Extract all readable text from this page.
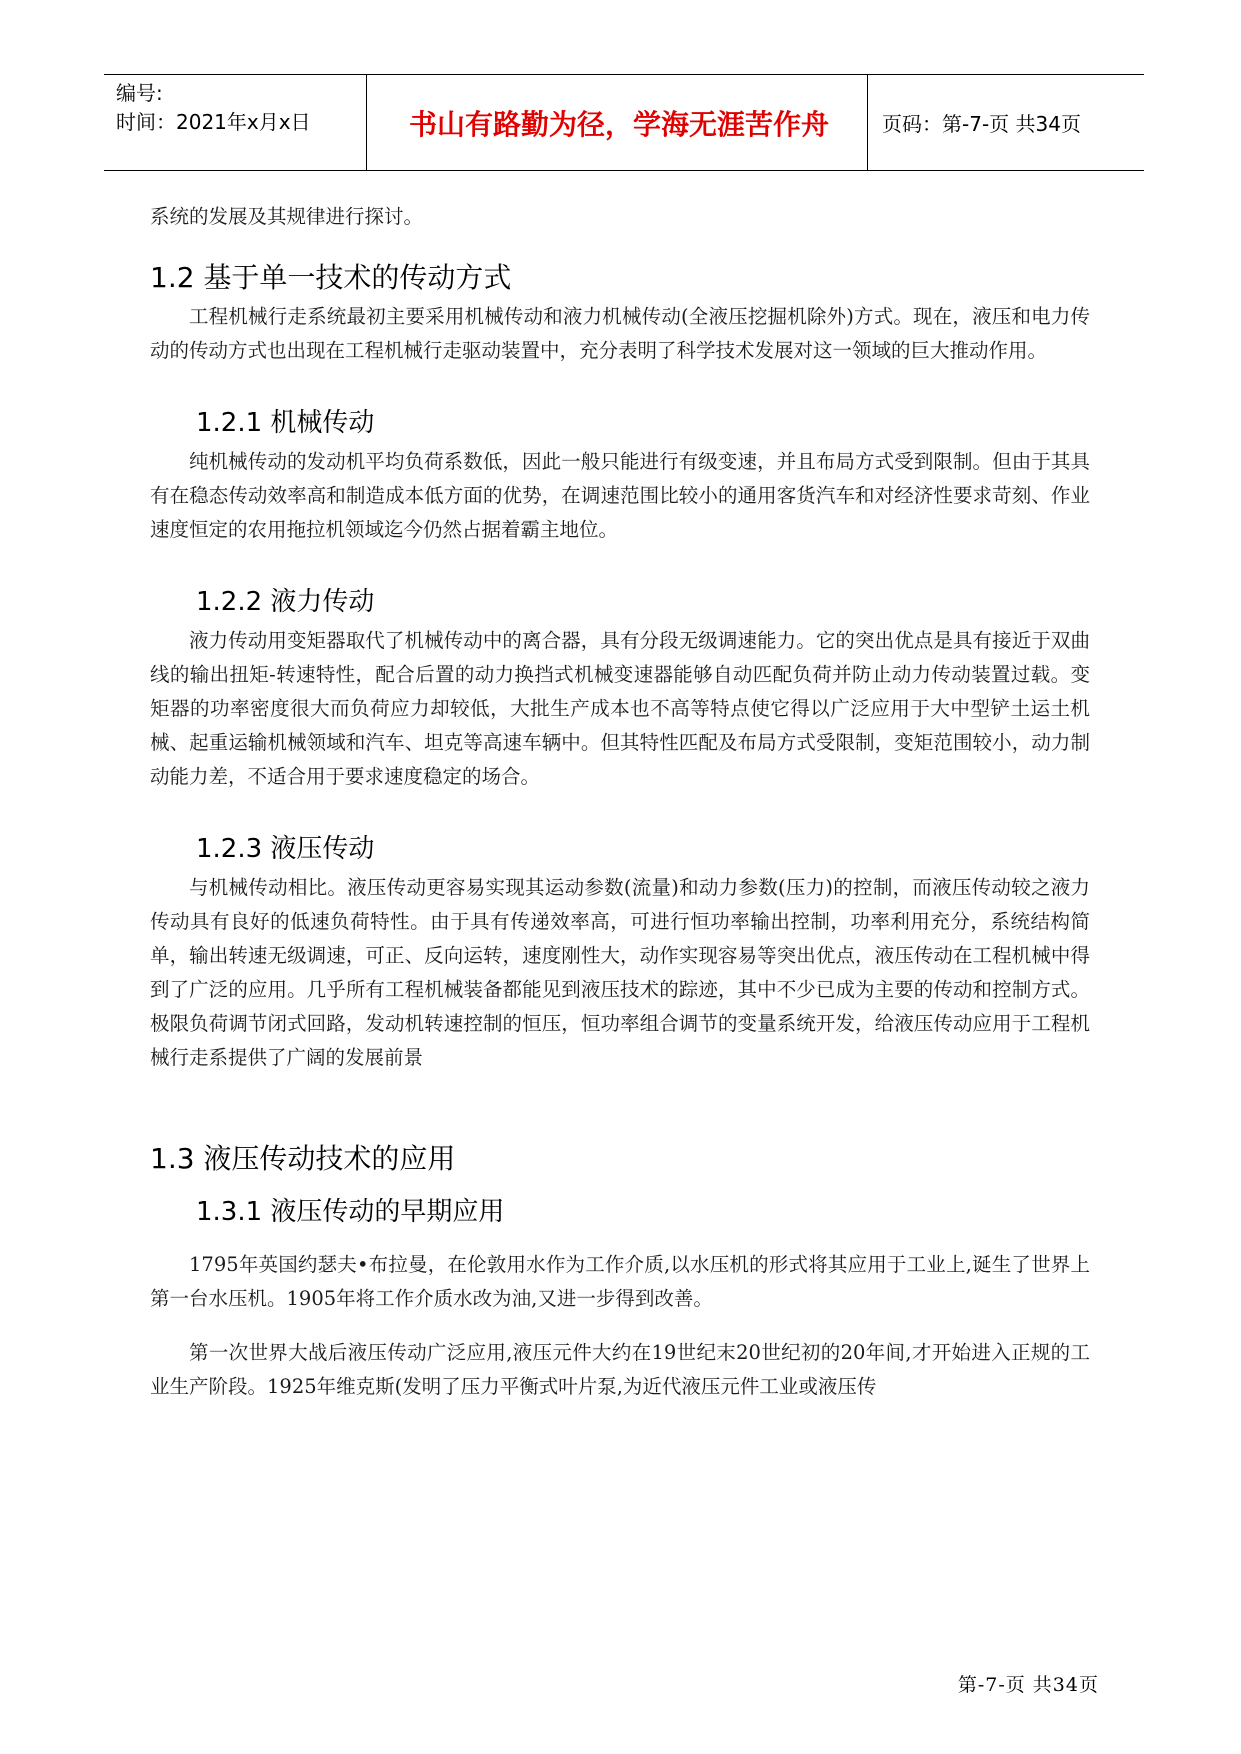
编号:
时间：2021年x月x日	书山有路勤为径，学海无涯苦作舟	页码：第-7-页 共34页

系统的发展及其规律进行探讨。

1.2 基于单一技术的传动方式

工程机械行走系统最初主要采用机械传动和液力机械传动(全液压挖掘机除外)方式。现在，液压和电力传动的传动方式也出现在工程机械行走驱动装置中，充分表明了科学技术发展对这一领域的巨大推动作用。

1.2.1 机械传动

纯机械传动的发动机平均负荷系数低，因此一般只能进行有级变速，并且布局方式受到限制。但由于其具有在稳态传动效率高和制造成本低方面的优势，在调速范围比较小的通用客货汽车和对经济性要求苛刻、作业速度恒定的农用拖拉机领域迄今仍然占据着霸主地位。

1.2.2 液力传动

液力传动用变矩器取代了机械传动中的离合器，具有分段无级调速能力。它的突出优点是具有接近于双曲线的输出扭矩-转速特性，配合后置的动力换挡式机械变速器能够自动匹配负荷并防止动力传动装置过载。变矩器的功率密度很大而负荷应力却较低，大批生产成本也不高等特点使它得以广泛应用于大中型铲土运土机械、起重运输机械领域和汽车、坦克等高速车辆中。但其特性匹配及布局方式受限制，变矩范围较小，动力制动能力差，不适合用于要求速度稳定的场合。

1.2.3 液压传动

与机械传动相比。液压传动更容易实现其运动参数(流量)和动力参数(压力)的控制，而液压传动较之液力传动具有良好的低速负荷特性。由于具有传递效率高，可进行恒功率输出控制，功率利用充分，系统结构简单，输出转速无级调速，可正、反向运转，速度刚性大，动作实现容易等突出优点，液压传动在工程机械中得到了广泛的应用。几乎所有工程机械装备都能见到液压技术的踪迹，其中不少已成为主要的传动和控制方式。极限负荷调节闭式回路，发动机转速控制的恒压，恒功率组合调节的变量系统开发，给液压传动应用于工程机械行走系提供了广阔的发展前景

1.3 液压传动技术的应用
1.3.1 液压传动的早期应用

1795年英国约瑟夫•布拉曼，在伦敦用水作为工作介质,以水压机的形式将其应用于工业上,诞生了世界上第一台水压机。1905年将工作介质水改为油,又进一步得到改善。

第一次世界大战后液压传动广泛应用,液压元件大约在19世纪末20世纪初的20年间,才开始进入正规的工业生产阶段。1925年维克斯(发明了压力平衡式叶片泵,为近代液压元件工业或液压传

第-7-页 共34页
